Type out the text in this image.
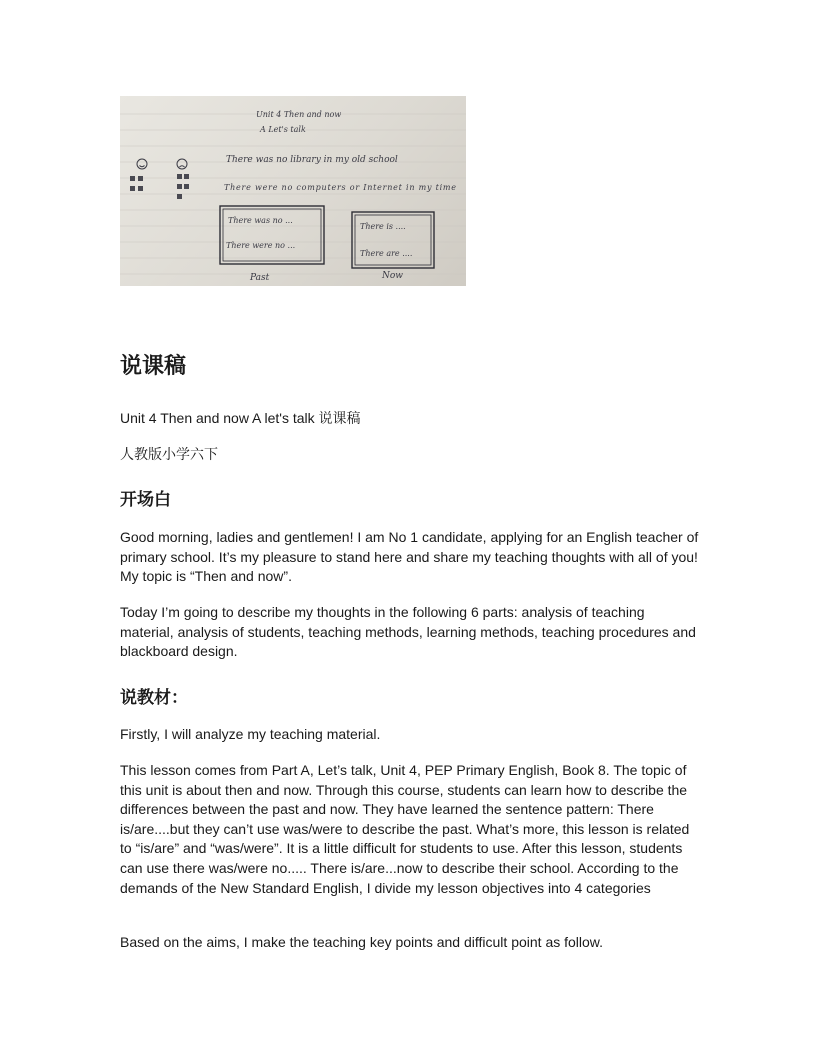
Unit 4 Then and now
A Let's talk
There was no library in my old school
There were no computers or Internet in my time
There was no ...
There were no ...
There is ....
There are ....
Past	Now
说课稿

Unit 4 Then and now A let's talk 说课稿

人教版小学六下

开场白

Good morning, ladies and gentlemen! I am No 1 candidate, applying for an English teacher of primary school. It’s my pleasure to stand here and share my teaching thoughts with all of you! My topic is “Then and now”.

Today I’m going to describe my thoughts in the following 6 parts: analysis of teaching material, analysis of students, teaching methods, learning methods, teaching procedures and blackboard design.

说教材：

Firstly, I will analyze my teaching material.

This lesson comes from Part A, Let’s talk, Unit 4, PEP Primary English, Book 8. The topic of this unit is about then and now. Through this course, students can learn how to describe the differences between the past and now. They have learned the sentence pattern: There is/are....but they can’t use was/were to describe the past. What’s more, this lesson is related to “is/are” and “was/were”. It is a little difficult for students to use. After this lesson, students can use there was/were no..... There is/are...now to describe their school. According to the demands of the New Standard English, I divide my lesson objectives into 4 categories

Based on the aims, I make the teaching key points and difficult point as follow.
